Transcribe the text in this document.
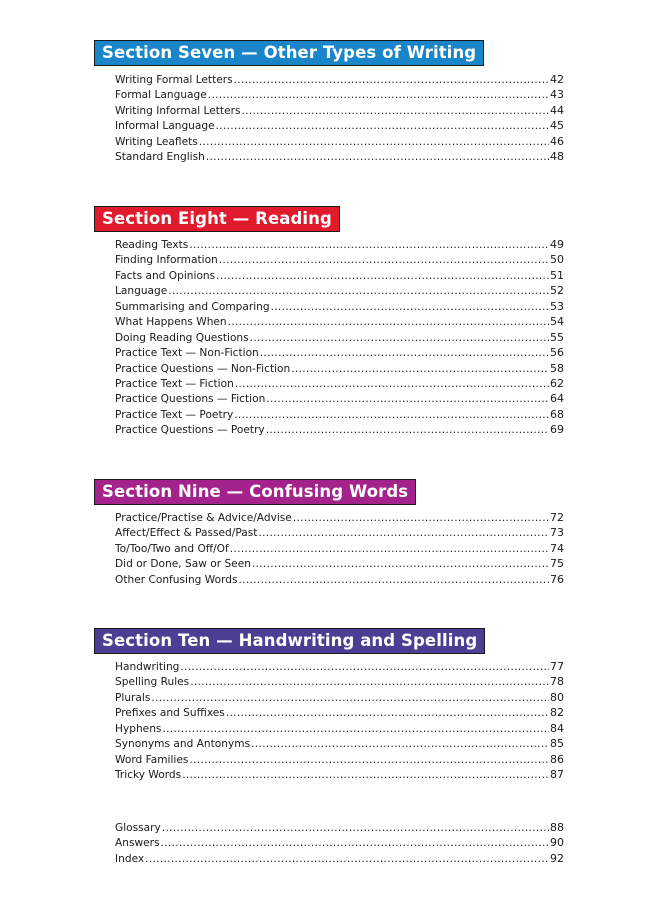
Section Seven — Other Types of Writing
Writing Formal Letters .....	42
Formal Language .....	43
Writing Informal Letters .....	44
Informal Language .....	45
Writing Leaflets .....	46
Standard English .....	48
Section Eight — Reading
Reading Texts .....	49
Finding Information .....	50
Facts and Opinions .....	51
Language .....	52
Summarising and Comparing .....	53
What Happens When .....	54
Doing Reading Questions .....	55
Practice Text — Non-Fiction .....	56
Practice Questions — Non-Fiction .....	58
Practice Text — Fiction .....	62
Practice Questions — Fiction .....	64
Practice Text — Poetry .....	68
Practice Questions — Poetry .....	69
Section Nine — Confusing Words
Practice/Practise & Advice/Advise .....	72
Affect/Effect & Passed/Past .....	73
To/Too/Two and Off/Of .....	74
Did or Done, Saw or Seen .....	75
Other Confusing Words .....	76
Section Ten — Handwriting and Spelling
Handwriting .....	77
Spelling Rules .....	78
Plurals .....	80
Prefixes and Suffixes .....	82
Hyphens .....	84
Synonyms and Antonyms .....	85
Word Families .....	86
Tricky Words .....	87
Glossary .....	88
Answers .....	90
Index .....	92
